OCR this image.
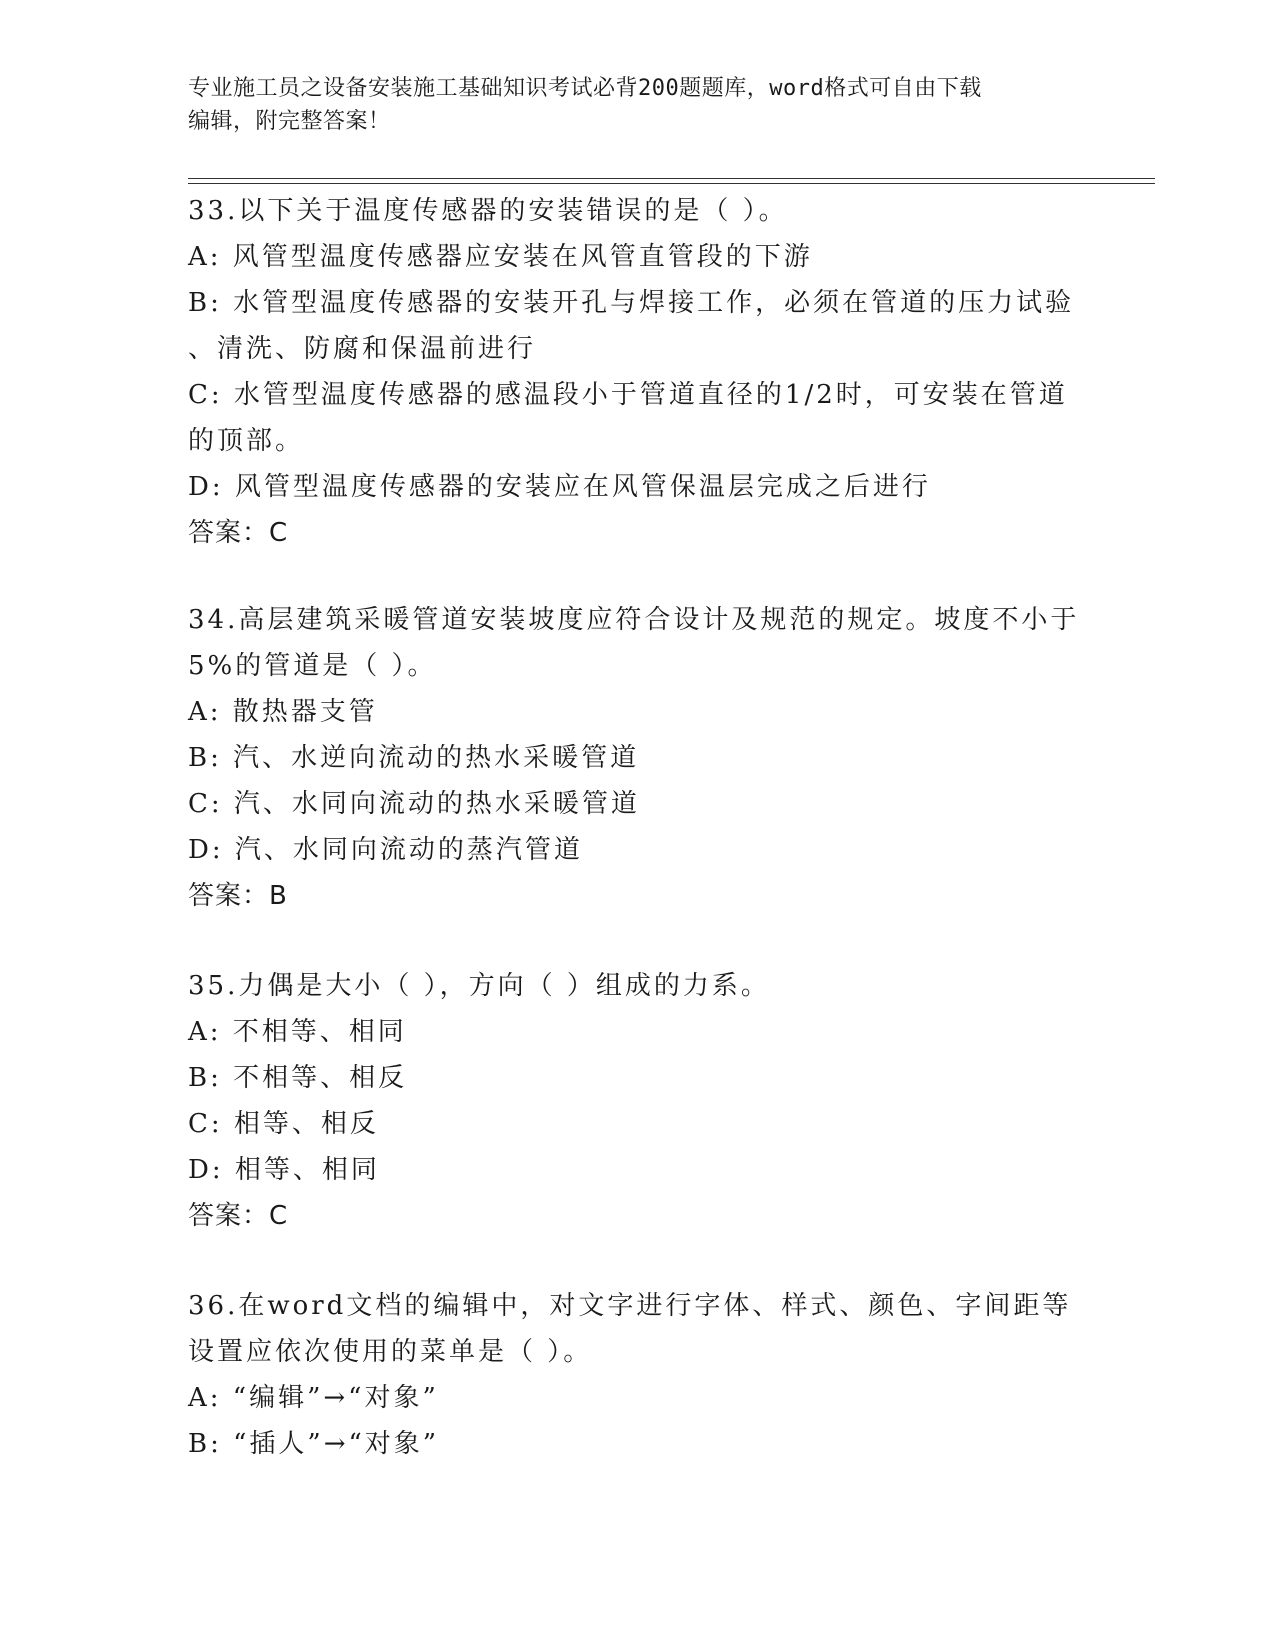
专业施工员之设备安装施工基础知识考试必背200题题库，word格式可自由下载
编辑，附完整答案！

33.以下关于温度传感器的安装错误的是（ ）。

A: 风管型温度传感器应安装在风管直管段的下游

B: 水管型温度传感器的安装开孔与焊接工作，必须在管道的压力试验

、清洗、防腐和保温前进行

C: 水管型温度传感器的感温段小于管道直径的1/2时，可安装在管道

的顶部。

D: 风管型温度传感器的安装应在风管保温层完成之后进行

答案：C

34.高层建筑采暖管道安装坡度应符合设计及规范的规定。坡度不小于

5%的管道是（ ）。

A: 散热器支管

B: 汽、水逆向流动的热水采暖管道

C: 汽、水同向流动的热水采暖管道

D: 汽、水同向流动的蒸汽管道

答案：B

35.力偶是大小（ ），方向（ ）组成的力系。

A: 不相等、相同

B: 不相等、相反

C: 相等、相反

D: 相等、相同

答案：C

36.在word文档的编辑中，对文字进行字体、样式、颜色、字间距等

设置应依次使用的菜单是（ ）。

A: “编辑”→“对象”

B: “插人”→“对象”
